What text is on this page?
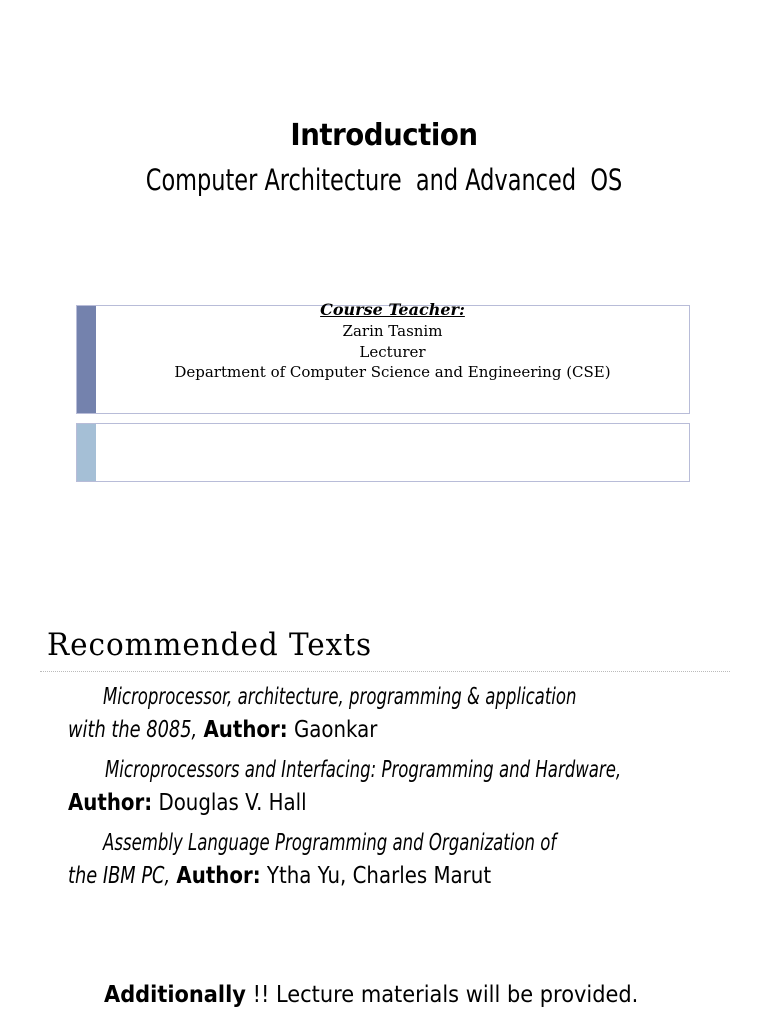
Introduction
Computer Architecture  and Advanced  OS
Course Teacher:
Zarin Tasnim
Lecturer
Department of Computer Science and Engineering (CSE)
Recommended Texts
Microprocessor, architecture, programming & application
with the 8085, Author: Gaonkar
Microprocessors and Interfacing: Programming and Hardware,
Author: Douglas V. Hall
Assembly Language Programming and Organization of
the IBM PC, Author: Ytha Yu, Charles Marut
Additionally !! Lecture materials will be provided.
